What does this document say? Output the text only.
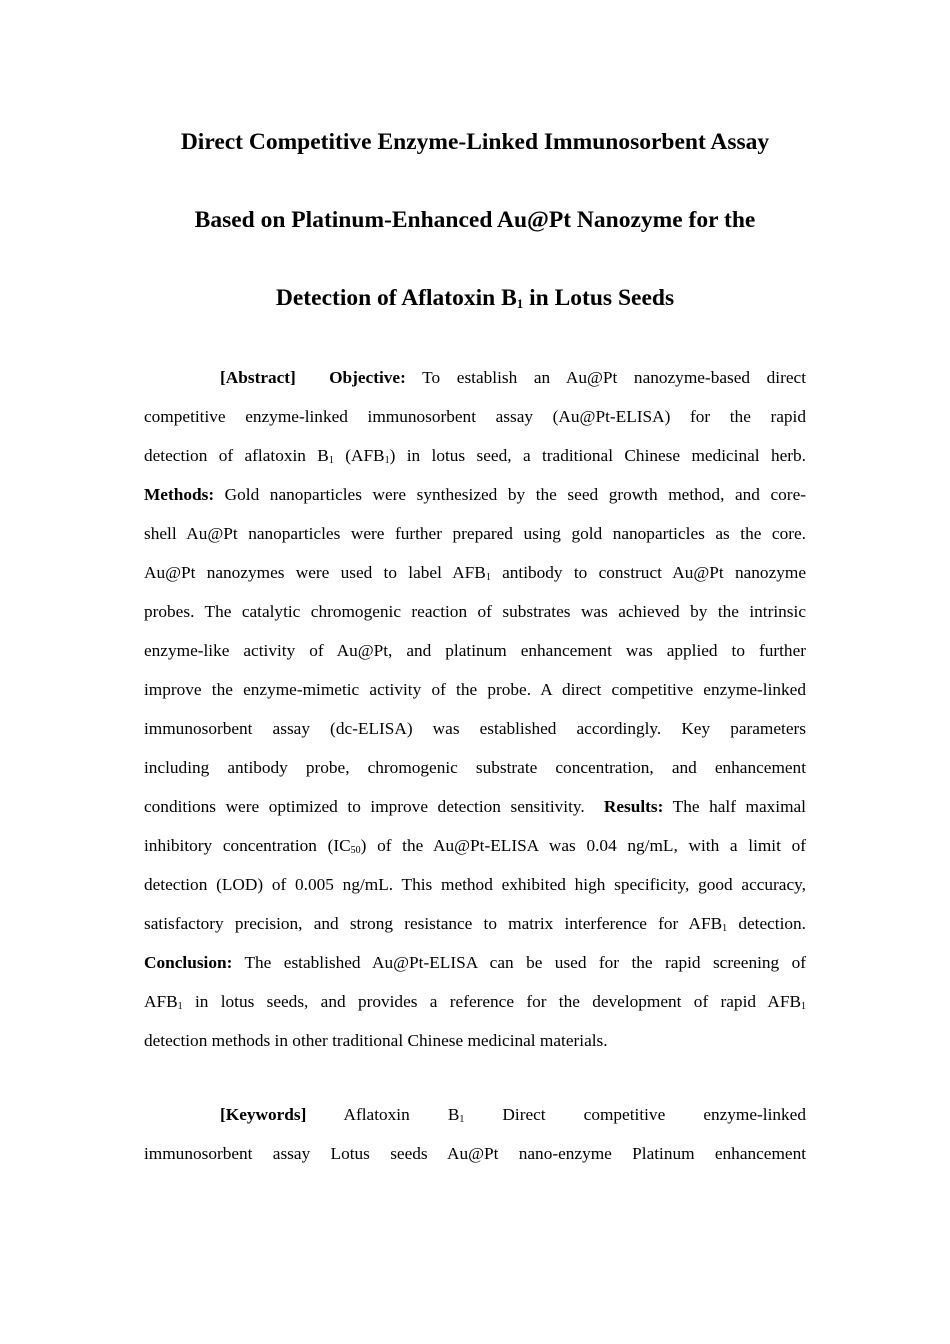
Direct Competitive Enzyme-Linked Immunosorbent Assay
Based on Platinum-Enhanced Au@Pt Nanozyme for the
Detection of Aflatoxin $B_1$ in Lotus Seeds
[Abstract] Objective: To establish an Au@Pt nanozyme-based direct
competitive enzyme-linked immunosorbent assay (Au@Pt-ELISA) for the rapid
detection of aflatoxin $B_1$ $(AFB_1)$ in lotus seed, a traditional Chinese medicinal herb.
Methods: Gold nanoparticles were synthesized by the seed growth method, and core-
shell Au@Pt nanoparticles were further prepared using gold nanoparticles as the core.
Au@Pt nanozymes were used to label $AFB_1$ antibody to construct Au@Pt nanozyme
probes. The catalytic chromogenic reaction of substrates was achieved by the intrinsic
enzyme-like activity of Au@Pt, and platinum enhancement was applied to further
improve the enzyme-mimetic activity of the probe. A direct competitive enzyme-linked
immunosorbent assay (dc-ELISA) was established accordingly. Key parameters
including antibody probe, chromogenic substrate concentration, and enhancement
conditions were optimized to improve detection sensitivity. Results: The half maximal
inhibitory concentration $(IC_{50})$ of the Au@Pt-ELISA was 0.04 ng/mL, with a limit of
detection (LOD) of 0.005 ng/mL. This method exhibited high specificity, good accuracy,
satisfactory precision, and strong resistance to matrix interference for $AFB_1$ detection.
Conclusion: The established Au@Pt-ELISA can be used for the rapid screening of
$AFB_1$ in lotus seeds, and provides a reference for the development of rapid $AFB_1$
detection methods in other traditional Chinese medicinal materials.
[Keywords] Aflatoxin $B_1$ Direct competitive enzyme-linked
immunosorbent assay Lotus seeds Au@Pt nano-enzyme Platinum enhancement
